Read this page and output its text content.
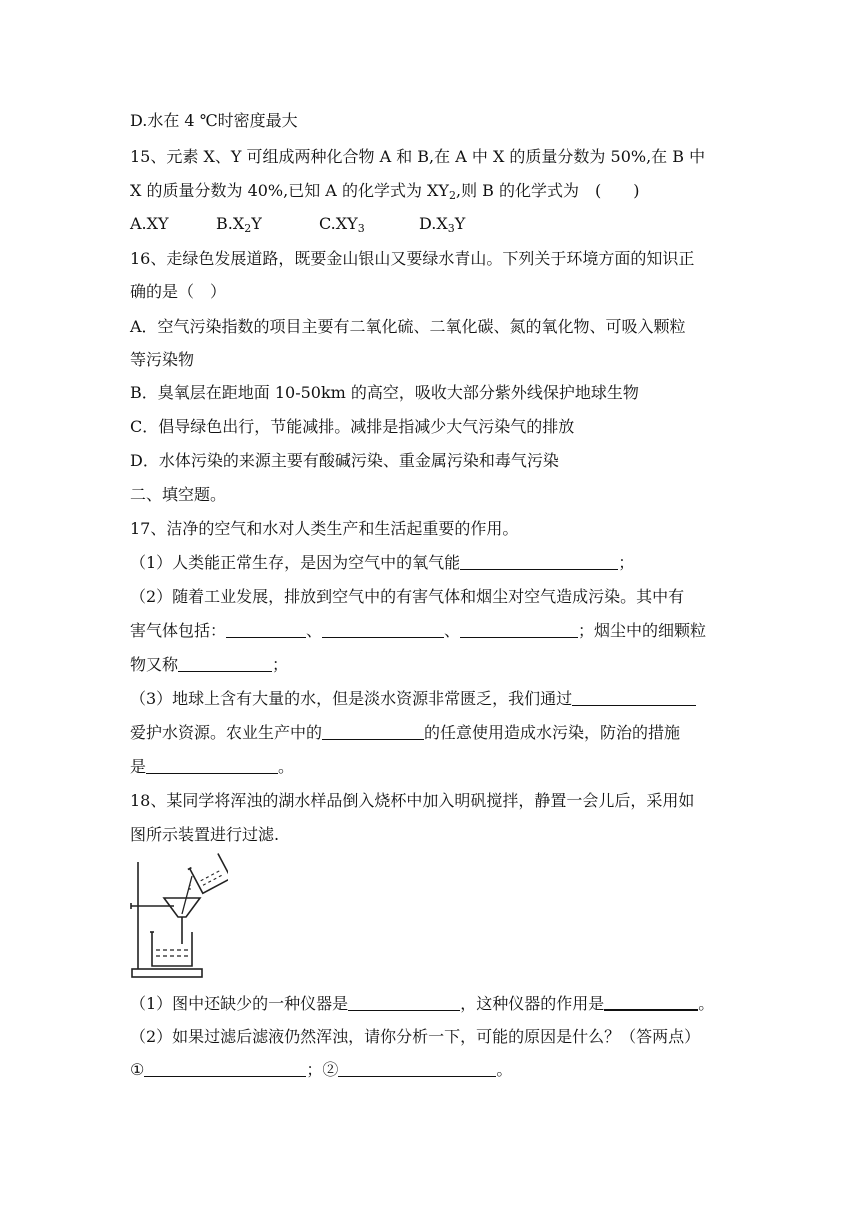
D.水在 4 ℃时密度最大
15、元素 X、Y 可组成两种化合物 A 和 B,在 A 中 X 的质量分数为 50%,在 B 中
X 的质量分数为 40%,已知 A 的化学式为 $XY_2$,则 B 的化学式为　(　　)
A.XY	$B.X_2Y$	$C.XY_3$	$D.X_3Y$
16、走绿色发展道路，既要金山银山又要绿水青山。下列关于环境方面的知识正
确的是（　）
A．空气污染指数的项目主要有二氧化硫、二氧化碳、氮的氧化物、可吸入颗粒
等污染物
B．臭氧层在距地面 10-50km 的高空，吸收大部分紫外线保护地球生物
C．倡导绿色出行，节能减排。减排是指减少大气污染气的排放
D．水体污染的来源主要有酸碱污染、重金属污染和毒气污染
二、填空题。
17、洁净的空气和水对人类生产和生活起重要的作用。
（1）人类能正常生存，是因为空气中的氧气能	；
（2）随着工业发展，排放到空气中的有害气体和烟尘对空气造成污染。其中有
害气体包括：	、	、	；烟尘中的细颗粒
物又称	；
（3）地球上含有大量的水，但是淡水资源非常匮乏，我们通过
爱护水资源。农业生产中的	的任意使用造成水污染，防治的措施
是	。
18、某同学将浑浊的湖水样品倒入烧杯中加入明矾搅拌，静置一会儿后，采用如
图所示装置进行过滤.
（1）图中还缺少的一种仪器是	，这种仪器的作用是	。
（2）如果过滤后滤液仍然浑浊，请你分析一下，可能的原因是什么？（答两点）
①	；②	。
